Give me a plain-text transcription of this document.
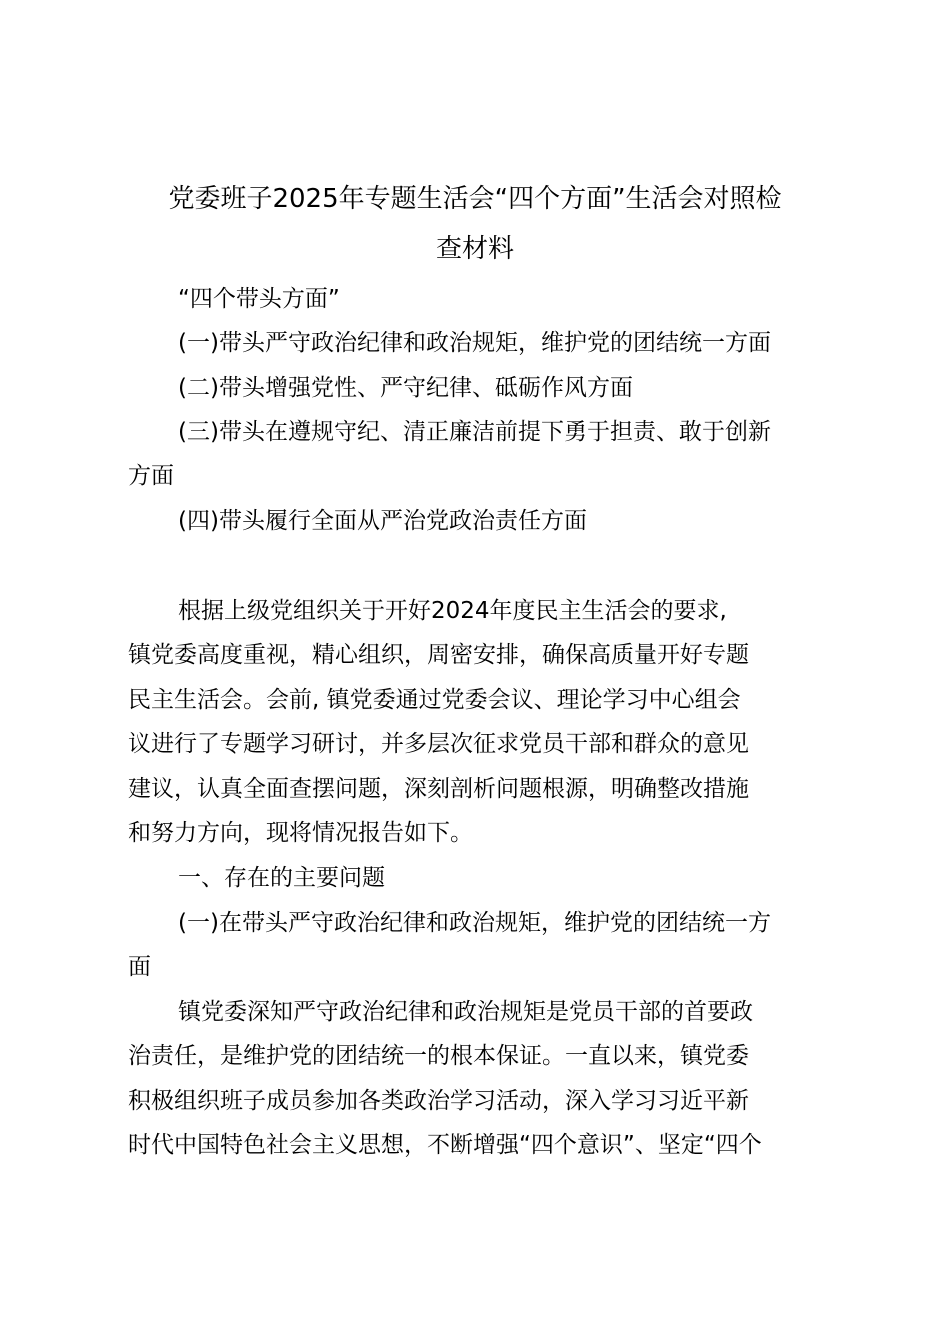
党委班子2025年专题生活会“四个方面”生活会对照检
查材料
“四个带头方面”
(一)带头严守政治纪律和政治规矩，维护党的团结统一方面
(二)带头增强党性、严守纪律、砥砺作风方面
(三)带头在遵规守纪、清正廉洁前提下勇于担责、敢于创新
方面
(四)带头履行全面从严治党政治责任方面
根据上级党组织关于开好2024年度民主生活会的要求,
镇党委高度重视，精心组织，周密安排，确保高质量开好专题
民主生活会。会前, 镇党委通过党委会议、理论学习中心组会
议进行了专题学习研讨，并多层次征求党员干部和群众的意见
建议，认真全面查摆问题，深刻剖析问题根源，明确整改措施
和努力方向，现将情况报告如下。
一、存在的主要问题
(一)在带头严守政治纪律和政治规矩，维护党的团结统一方
面
镇党委深知严守政治纪律和政治规矩是党员干部的首要政
治责任，是维护党的团结统一的根本保证。一直以来，镇党委
积极组织班子成员参加各类政治学习活动，深入学习习近平新
时代中国特色社会主义思想，不断增强“四个意识”、坚定“四个
